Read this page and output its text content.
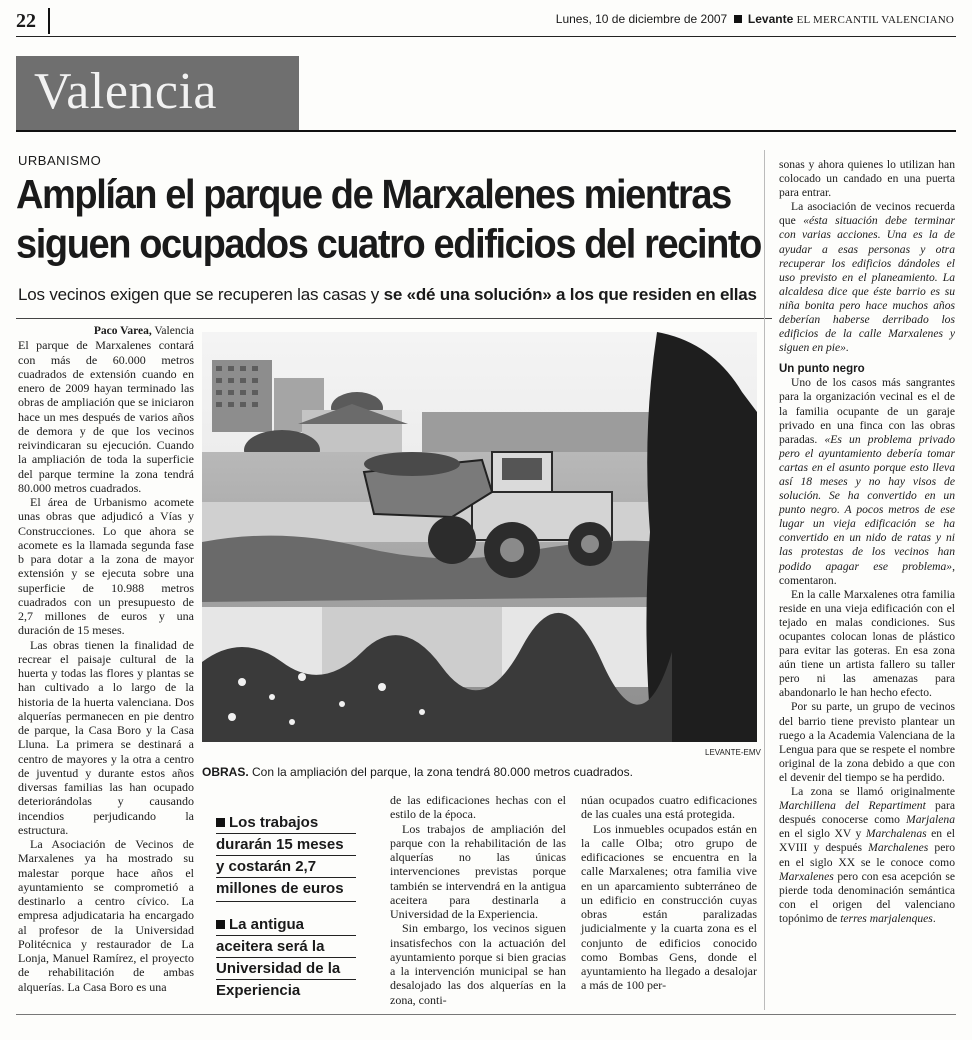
22	Lunes, 10 de diciembre de 2007 Levante EL MERCANTIL VALENCIANO
Valencia
URBANISMO
Amplían el parque de Marxalenes mientras
siguen ocupados cuatro edificios del recinto
Los vecinos exigen que se recuperen las casas y se «dé una solución» a los que residen en ellas

Paco Varea, Valencia

El parque de Marxalenes contará con más de 60.000 metros cuadrados de extensión cuando en enero de 2009 hayan terminado las obras de ampliación que se iniciaron hace un mes después de varios años de demora y de que los vecinos reivindicaran su ejecución. Cuando la ampliación de toda la superficie del parque termine la zona tendrá 80.000 metros cuadrados.

El área de Urbanismo acomete unas obras que adjudicó a Vías y Construcciones. Lo que ahora se acomete es la llamada segunda fase b para dotar a la zona de mayor extensión y se ejecuta sobre una superficie de 10.988 metros cuadrados con un presupuesto de 2,7 millones de euros y una duración de 15 meses.

Las obras tienen la finalidad de recrear el paisaje cultural de la huerta y todas las flores y plantas se han cultivado a lo largo de la historia de la huerta valenciana. Dos alquerías permanecen en pie dentro de parque, la Casa Boro y la Casa Lluna. La primera se destinará a centro de mayores y la otra a centro de juventud y durante estos años diversas familias las han ocupado deteriorándolas y causando incendios perjudicando la estructura.

La Asociación de Vecinos de Marxalenes ya ha mostrado su malestar porque hace años el ayuntamiento se comprometió a destinarlo a centro cívico. La empresa adjudicataria ha encargado al profesor de la Universidad Politécnica y restaurador de La Lonja, Manuel Ramírez, el proyecto de rehabilitación de ambas alquerías. La Casa Boro es una

LEVANTE-EMV
OBRAS. Con la ampliación del parque, la zona tendrá 80.000 metros cuadrados.
Los trabajos
durarán 15 meses
y costarán 2,7
millones de euros
La antigua
aceitera será la
Universidad de la
Experiencia

de las edificaciones hechas con el estilo de la época.

Los trabajos de ampliación del parque con la rehabilitación de las alquerías no las únicas intervenciones previstas porque también se intervendrá en la antigua aceitera para destinarla a Universidad de la Experiencia.

Sin embargo, los vecinos siguen insatisfechos con la actuación del ayuntamiento porque si bien gracias a la intervención municipal se han desalojado las dos alquerías en la zona, conti-

núan ocupados cuatro edificaciones de las cuales una está protegida.

Los inmuebles ocupados están en la calle Olba; otro grupo de edificaciones se encuentra en la calle Marxalenes; otra familia vive en un aparcamiento subterráneo de un edificio en construcción cuyas obras están paralizadas judicialmente y la cuarta zona es el conjunto de edificios conocido como Bombas Gens, donde el ayuntamiento ha llegado a desalojar a más de 100 per-

sonas y ahora quienes lo utilizan han colocado un candado en una puerta para entrar.

La asociación de vecinos recuerda que «ésta situación debe terminar con varias acciones. Una es la de ayudar a esas personas y otra recuperar los edificios dándoles el uso previsto en el planeamiento. La alcaldesa dice que éste barrio es su niña bonita pero hace muchos años deberían haberse derribado los edificios de la calle Marxalenes y siguen en pie».

Un punto negro

Uno de los casos más sangrantes para la organización vecinal es el de la familia ocupante de un garaje privado en una finca con las obras paradas. «Es un problema privado pero el ayuntamiento debería tomar cartas en el asunto porque esto lleva así 18 meses y no hay visos de solución. Se ha convertido en un punto negro. A pocos metros de ese lugar un vieja edificación se ha convertido en un nido de ratas y ni las protestas de los vecinos han podido apagar ese problema», comentaron.

En la calle Marxalenes otra familia reside en una vieja edificación con el tejado en malas condiciones. Sus ocupantes colocan lonas de plástico para evitar las goteras. En esa zona aún tiene un artista fallero su taller pero ni las amenazas para abandonarlo le han hecho efecto.

Por su parte, un grupo de vecinos del barrio tiene previsto plantear un ruego a la Academia Valenciana de la Lengua para que se respete el nombre original de la zona debido a que con el devenir del tiempo se ha perdido.

La zona se llamó originalmente Marchillena del Repartiment para después conocerse como Marjalena en el siglo XV y Marchalenas en el XVIII y después Marchalenes pero en el siglo XX se le conoce como Marxalenes pero con esa acepción se pierde toda denominación semántica con el origen del valenciano topónimo de terres marjalenques.
